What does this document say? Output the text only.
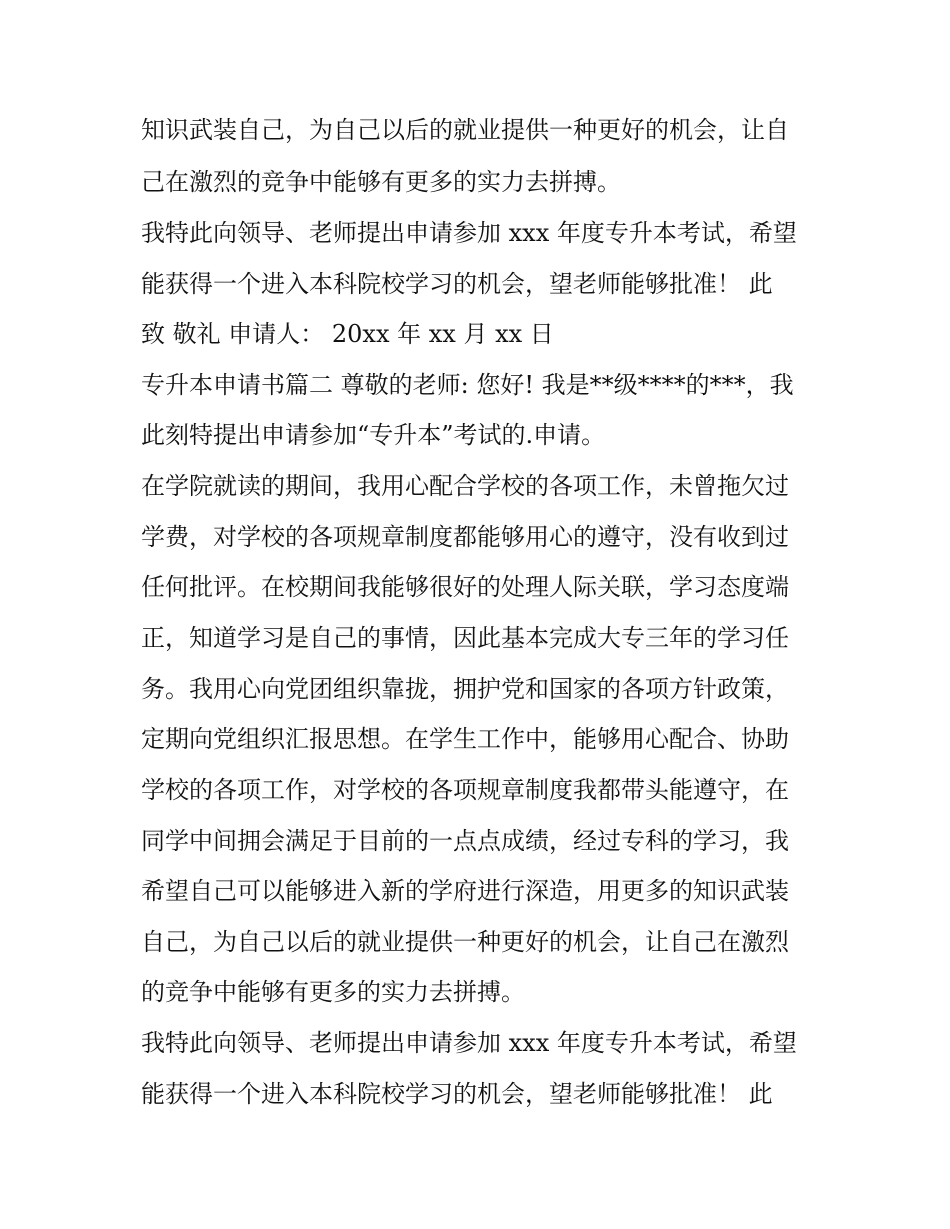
知识武装自己，为自己以后的就业提供一种更好的机会，让自

己在激烈的竞争中能够有更多的实力去拼搏。

我特此向领导、老师提出申请参加 xxx 年度专升本考试，希望

能获得一个进入本科院校学习的机会，望老师能够批准！ 此

致 敬礼 申请人： 20xx 年 xx 月 xx 日

专升本申请书篇二 尊敬的老师: 您好! 我是**级****的***，我

此刻特提出申请参加“专升本”考试的.申请。

在学院就读的期间，我用心配合学校的各项工作，未曾拖欠过

学费，对学校的各项规章制度都能够用心的遵守，没有收到过

任何批评。在校期间我能够很好的处理人际关联，学习态度端

正，知道学习是自己的事情，因此基本完成大专三年的学习任

务。我用心向党团组织靠拢，拥护党和国家的各项方针政策，

定期向党组织汇报思想。在学生工作中，能够用心配合、协助

学校的各项工作，对学校的各项规章制度我都带头能遵守，在

同学中间拥会满足于目前的一点点成绩，经过专科的学习，我

希望自己可以能够进入新的学府进行深造，用更多的知识武装

自己，为自己以后的就业提供一种更好的机会，让自己在激烈

的竞争中能够有更多的实力去拼搏。

我特此向领导、老师提出申请参加 xxx 年度专升本考试，希望

能获得一个进入本科院校学习的机会，望老师能够批准！ 此
